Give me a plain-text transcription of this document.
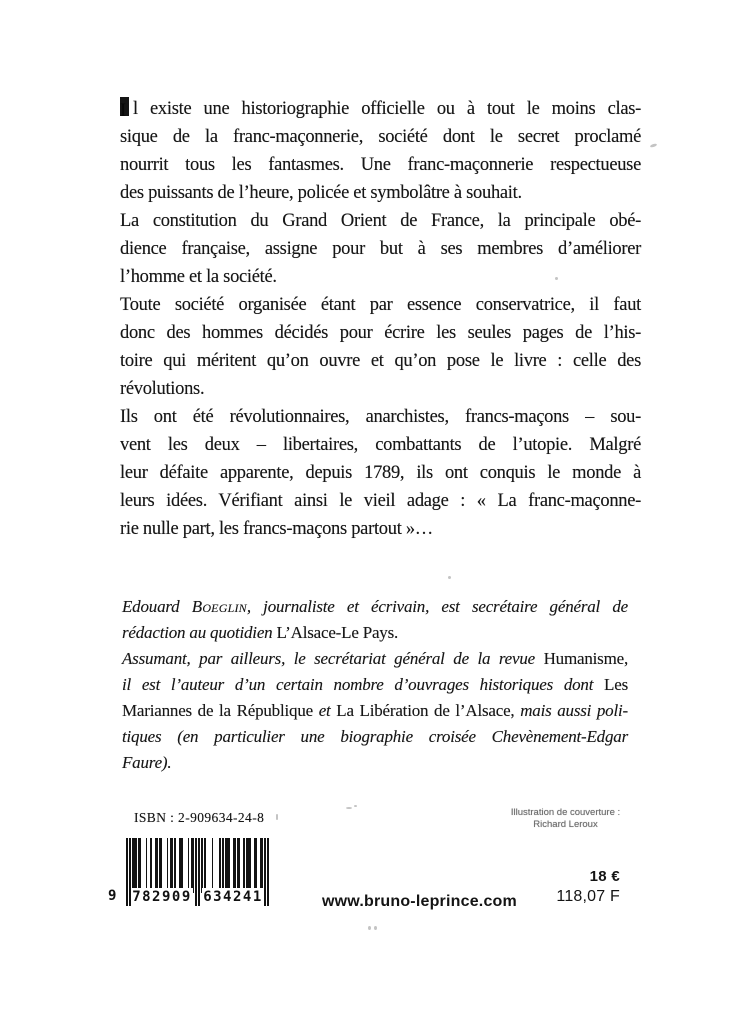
I l existe une historiographie officielle ou à tout le moins clas-
sique de la franc-maçonnerie, société dont le secret proclamé
nourrit tous les fantasmes. Une franc-maçonnerie respectueuse
des puissants de l’heure, policée et symbolâtre à souhait.
La constitution du Grand Orient de France, la principale obé-
dience française, assigne pour but à ses membres d’améliorer
l’homme et la société.
Toute société organisée étant par essence conservatrice, il faut
donc des hommes décidés pour écrire les seules pages de l’his-
toire qui méritent qu’on ouvre et qu’on pose le livre : celle des
révolutions.
Ils ont été révolutionnaires, anarchistes, francs-maçons – sou-
vent les deux – libertaires, combattants de l’utopie. Malgré
leur défaite apparente, depuis 1789, ils ont conquis le monde à
leurs idées. Vérifiant ainsi le vieil adage : « La franc-maçonne-
rie nulle part, les francs-maçons partout »…
Edouard Boeglin, journaliste et écrivain, est secrétaire général de
rédaction au quotidien L’Alsace-Le Pays.
Assumant, par ailleurs, le secrétariat général de la revue Humanisme,
il est l’auteur d’un certain nombre d’ouvrages historiques dont Les
Mariannes de la République et La Libération de l’Alsace, mais aussi poli-
tiques (en particulier une biographie croisée Chevènement-Edgar
Faure).
ISBN : 2-909634-24-8
9 782909 634241
Illustration de couverture :
Richard Leroux
18 €
118,07 F
www.bruno-leprince.com
